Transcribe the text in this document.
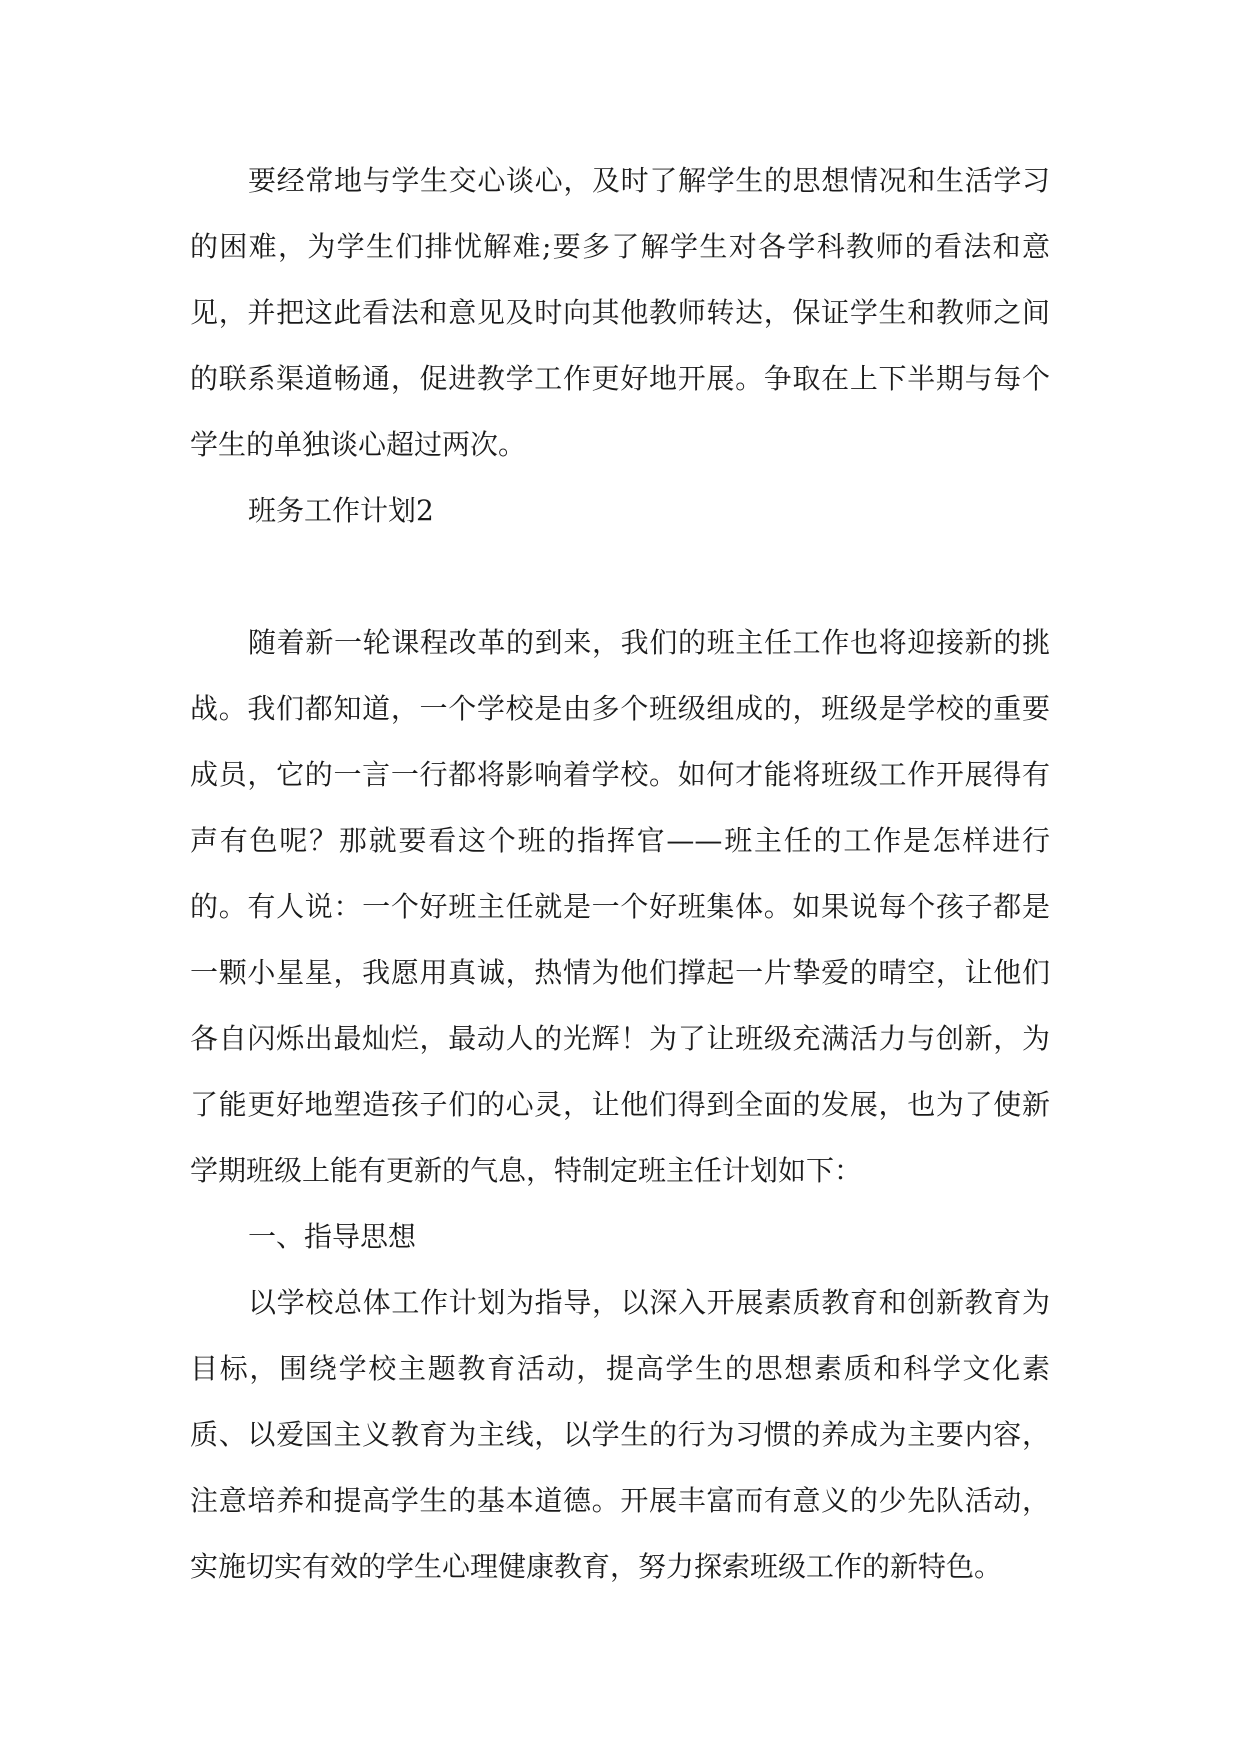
要经常地与学生交心谈心，及时了解学生的思想情况和生活学习的困难，为学生们排忧解难;要多了解学生对各学科教师的看法和意见，并把这此看法和意见及时向其他教师转达，保证学生和教师之间的联系渠道畅通，促进教学工作更好地开展。争取在上下半期与每个学生的单独谈心超过两次。

班务工作计划2

随着新一轮课程改革的到来，我们的班主任工作也将迎接新的挑战。我们都知道，一个学校是由多个班级组成的，班级是学校的重要成员，它的一言一行都将影响着学校。如何才能将班级工作开展得有声有色呢？那就要看这个班的指挥官——班主任的工作是怎样进行的。有人说：一个好班主任就是一个好班集体。如果说每个孩子都是一颗小星星，我愿用真诚，热情为他们撑起一片挚爱的晴空，让他们各自闪烁出最灿烂，最动人的光辉！为了让班级充满活力与创新，为了能更好地塑造孩子们的心灵，让他们得到全面的发展，也为了使新学期班级上能有更新的气息，特制定班主任计划如下：

一、指导思想

以学校总体工作计划为指导，以深入开展素质教育和创新教育为目标，围绕学校主题教育活动，提高学生的思想素质和科学文化素质、以爱国主义教育为主线，以学生的行为习惯的养成为主要内容，注意培养和提高学生的基本道德。开展丰富而有意义的少先队活动，实施切实有效的学生心理健康教育，努力探索班级工作的新特色。
